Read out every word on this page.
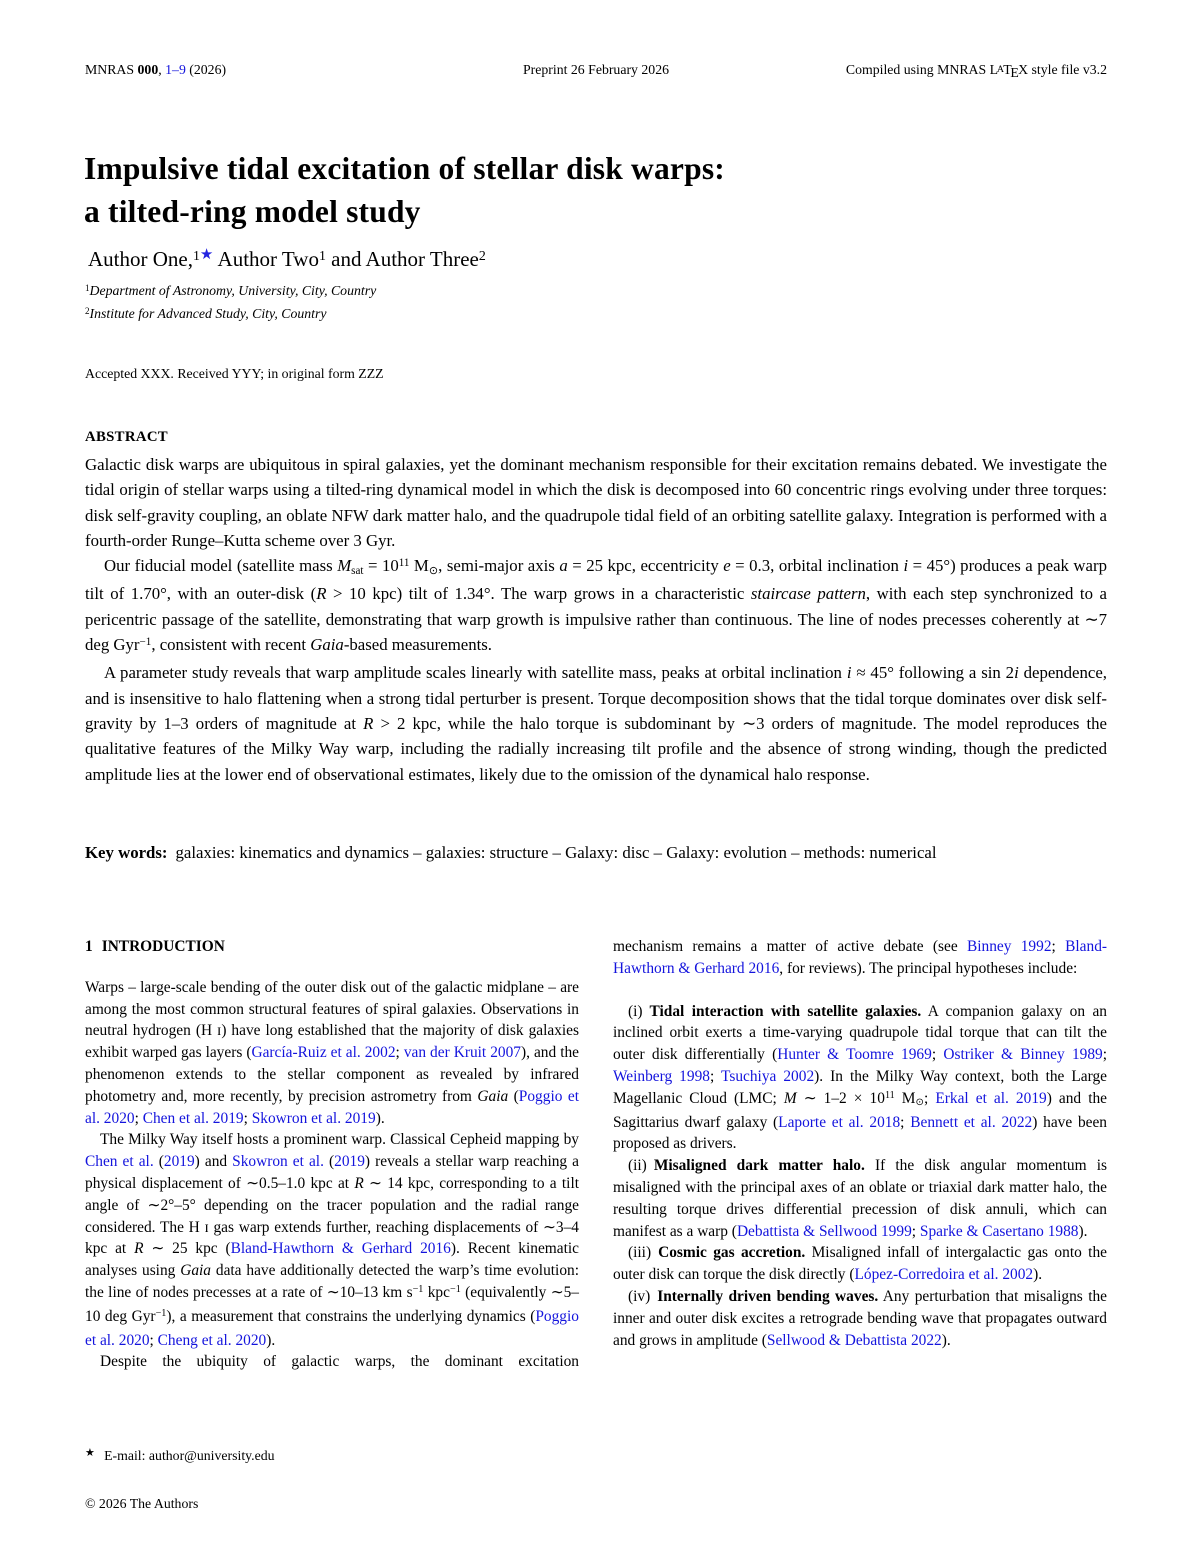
Preprint 26 February 2026
MNRAS 000, 1–9 (2026)	Compiled using MNRAS LATEX style file v3.2
Impulsive tidal excitation of stellar disk warps:
a tilted-ring model study
Author One,$^{1★}$ Author Two$^1$ and Author Three$^2$
$^1$Department of Astronomy, University, City, Country
$^2$Institute for Advanced Study, City, Country
Accepted XXX. Received YYY; in original form ZZZ
ABSTRACT

Galactic disk warps are ubiquitous in spiral galaxies, yet the dominant mechanism responsible for their excitation remains debated. We investigate the tidal origin of stellar warps using a tilted-ring dynamical model in which the disk is decomposed into 60 concentric rings evolving under three torques: disk self-gravity coupling, an oblate NFW dark matter halo, and the quadrupole tidal field of an orbiting satellite galaxy. Integration is performed with a fourth-order Runge–Kutta scheme over 3 Gyr.

Our fiducial model (satellite mass Msat = $10^{11}$ M⊙, semi-major axis a = 25 kpc, eccentricity e = 0.3, orbital inclination i = 45°) produces a peak warp tilt of 1.70°, with an outer-disk (R > 10 kpc) tilt of 1.34°. The warp grows in a characteristic staircase pattern, with each step synchronized to a pericentric passage of the satellite, demonstrating that warp growth is impulsive rather than continuous. The line of nodes precesses coherently at ∼7 deg Gyr$^{-1}$, consistent with recent Gaia-based measurements.

A parameter study reveals that warp amplitude scales linearly with satellite mass, peaks at orbital inclination i ≈ 45° following a sin 2i dependence, and is insensitive to halo flattening when a strong tidal perturber is present. Torque decomposition shows that the tidal torque dominates over disk self-gravity by 1–3 orders of magnitude at R > 2 kpc, while the halo torque is subdominant by ∼3 orders of magnitude. The model reproduces the qualitative features of the Milky Way warp, including the radially increasing tilt profile and the absence of strong winding, though the predicted amplitude lies at the lower end of observational estimates, likely due to the omission of the dynamical halo response.

Key words: galaxies: kinematics and dynamics – galaxies: structure – Galaxy: disc – Galaxy: evolution – methods: numerical
1 INTRODUCTION

Warps – large-scale bending of the outer disk out of the galactic midplane – are among the most common structural features of spiral galaxies. Observations in neutral hydrogen (H ɪ) have long established that the majority of disk galaxies exhibit warped gas layers (García-Ruiz et al. 2002; van der Kruit 2007), and the phenomenon extends to the stellar component as revealed by infrared photometry and, more recently, by precision astrometry from Gaia (Poggio et al. 2020; Chen et al. 2019; Skowron et al. 2019).

The Milky Way itself hosts a prominent warp. Classical Cepheid mapping by Chen et al. (2019) and Skowron et al. (2019) reveals a stellar warp reaching a physical displacement of ∼0.5–1.0 kpc at R ∼ 14 kpc, corresponding to a tilt angle of ∼2°–5° depending on the tracer population and the radial range considered. The H ɪ gas warp extends further, reaching displacements of ∼3–4 kpc at R ∼ 25 kpc (Bland-Hawthorn & Gerhard 2016). Recent kinematic analyses using Gaia data have additionally detected the warp’s time evolution: the line of nodes precesses at a rate of ∼10–13 km $s^{-1}$ kpc$^{-1}$ (equivalently ∼5–10 deg Gyr$^{-1}$), a measurement that constrains the underlying dynamics (Poggio et al. 2020; Cheng et al. 2020).

Despite the ubiquity of galactic warps, the dominant excitation

mechanism remains a matter of active debate (see Binney 1992; Bland-Hawthorn & Gerhard 2016, for reviews). The principal hypotheses include:

(i) Tidal interaction with satellite galaxies. A companion galaxy on an inclined orbit exerts a time-varying quadrupole tidal torque that can tilt the outer disk differentially (Hunter & Toomre 1969; Ostriker & Binney 1989; Weinberg 1998; Tsuchiya 2002). In the Milky Way context, both the Large Magellanic Cloud (LMC; M ∼ $1-2 \times 10^{11}$ M⊙; Erkal et al. 2019) and the Sagittarius dwarf galaxy (Laporte et al. 2018; Bennett et al. 2022) have been proposed as drivers.

(ii) Misaligned dark matter halo. If the disk angular momentum is misaligned with the principal axes of an oblate or triaxial dark matter halo, the resulting torque drives differential precession of disk annuli, which can manifest as a warp (Debattista & Sellwood 1999; Sparke & Casertano 1988).

(iii) Cosmic gas accretion. Misaligned infall of intergalactic gas onto the outer disk can torque the disk directly (López-Corredoira et al. 2002).

(iv) Internally driven bending waves. Any perturbation that misaligns the inner and outer disk excites a retrograde bending wave that propagates outward and grows in amplitude (Sellwood & Debattista 2022).

★ E-mail: author@university.edu
© 2026 The Authors
